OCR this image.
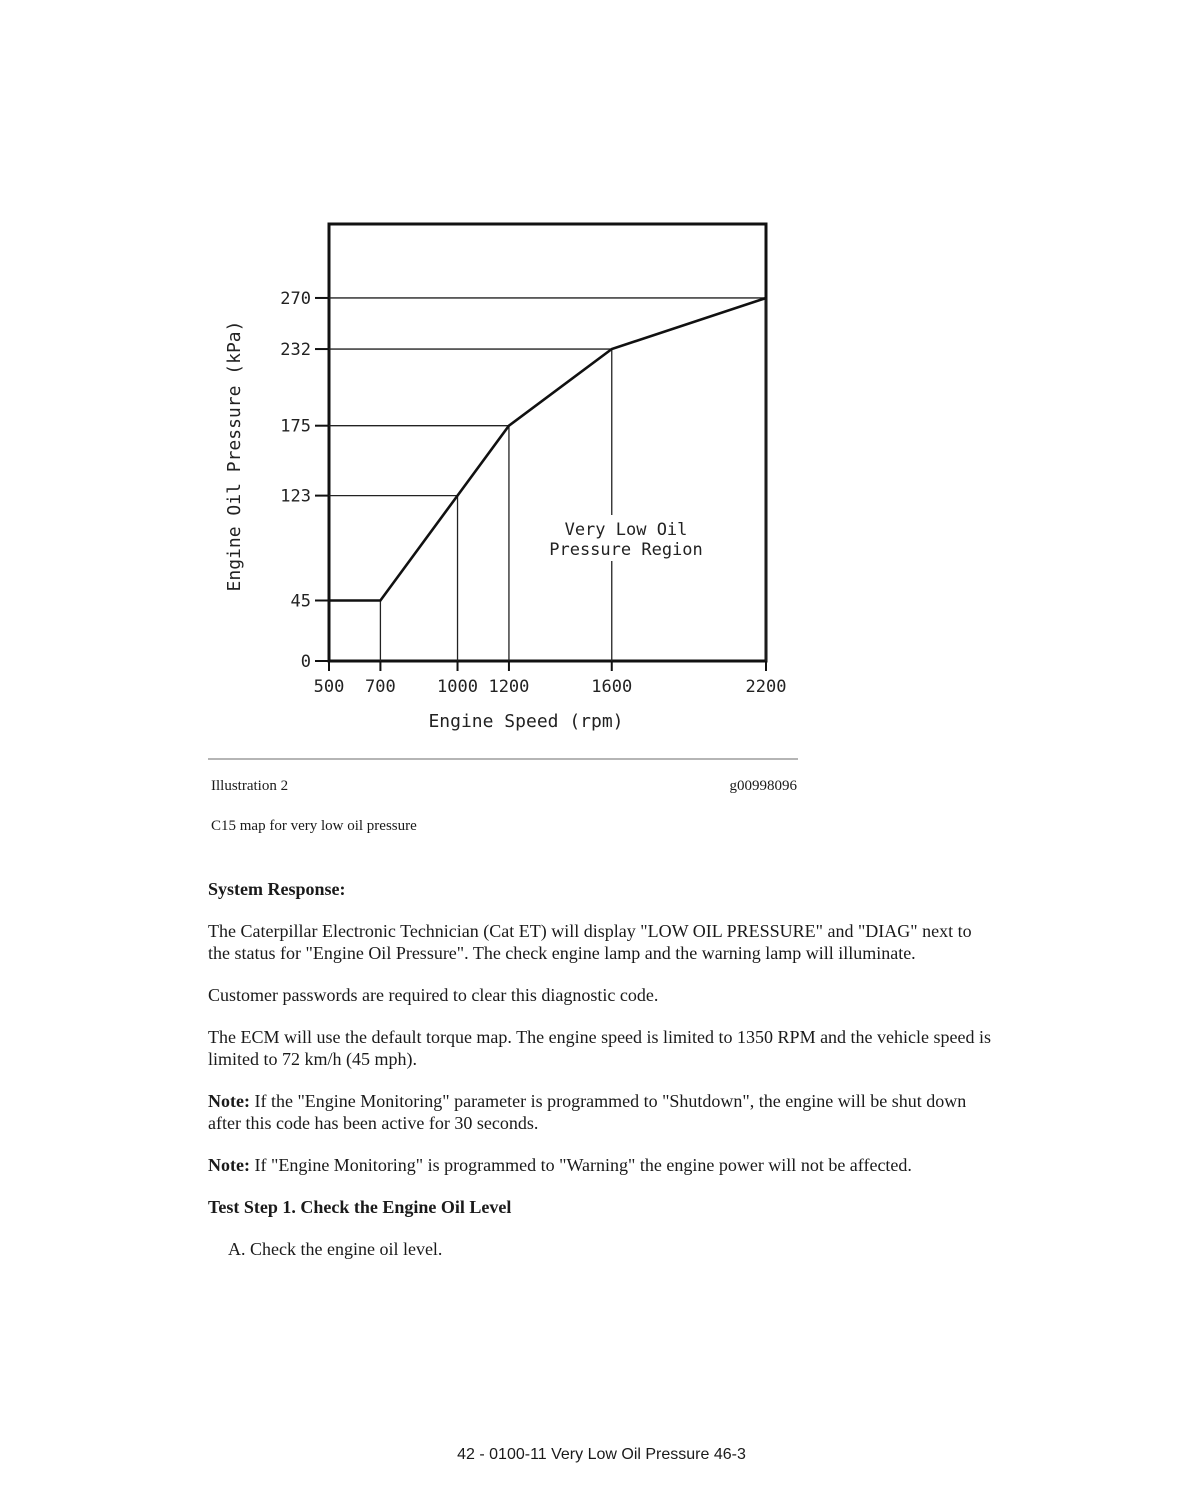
0
45
123
175
232
270
500 700 1000 1200	1600	2200
Very Low Oil
Pressure Region
Engine Speed (rpm)
Engine Oil Pressure (kPa)
Illustration 2	g00998096
C15 map for very low oil pressure

System Response:

The Caterpillar Electronic Technician (Cat ET) will display "LOW OIL PRESSURE" and "DIAG" next to the status for "Engine Oil Pressure". The check engine lamp and the warning lamp will illuminate.

Customer passwords are required to clear this diagnostic code.

The ECM will use the default torque map. The engine speed is limited to 1350 RPM and the vehicle speed is limited to 72 km/h (45 mph).

Note: If the "Engine Monitoring" parameter is programmed to "Shutdown", the engine will be shut down after this code has been active for 30 seconds.

Note: If "Engine Monitoring" is programmed to "Warning" the engine power will not be affected.

Test Step 1. Check the Engine Oil Level

A. Check the engine oil level.

42 - 0100-11 Very Low Oil Pressure 46-3
